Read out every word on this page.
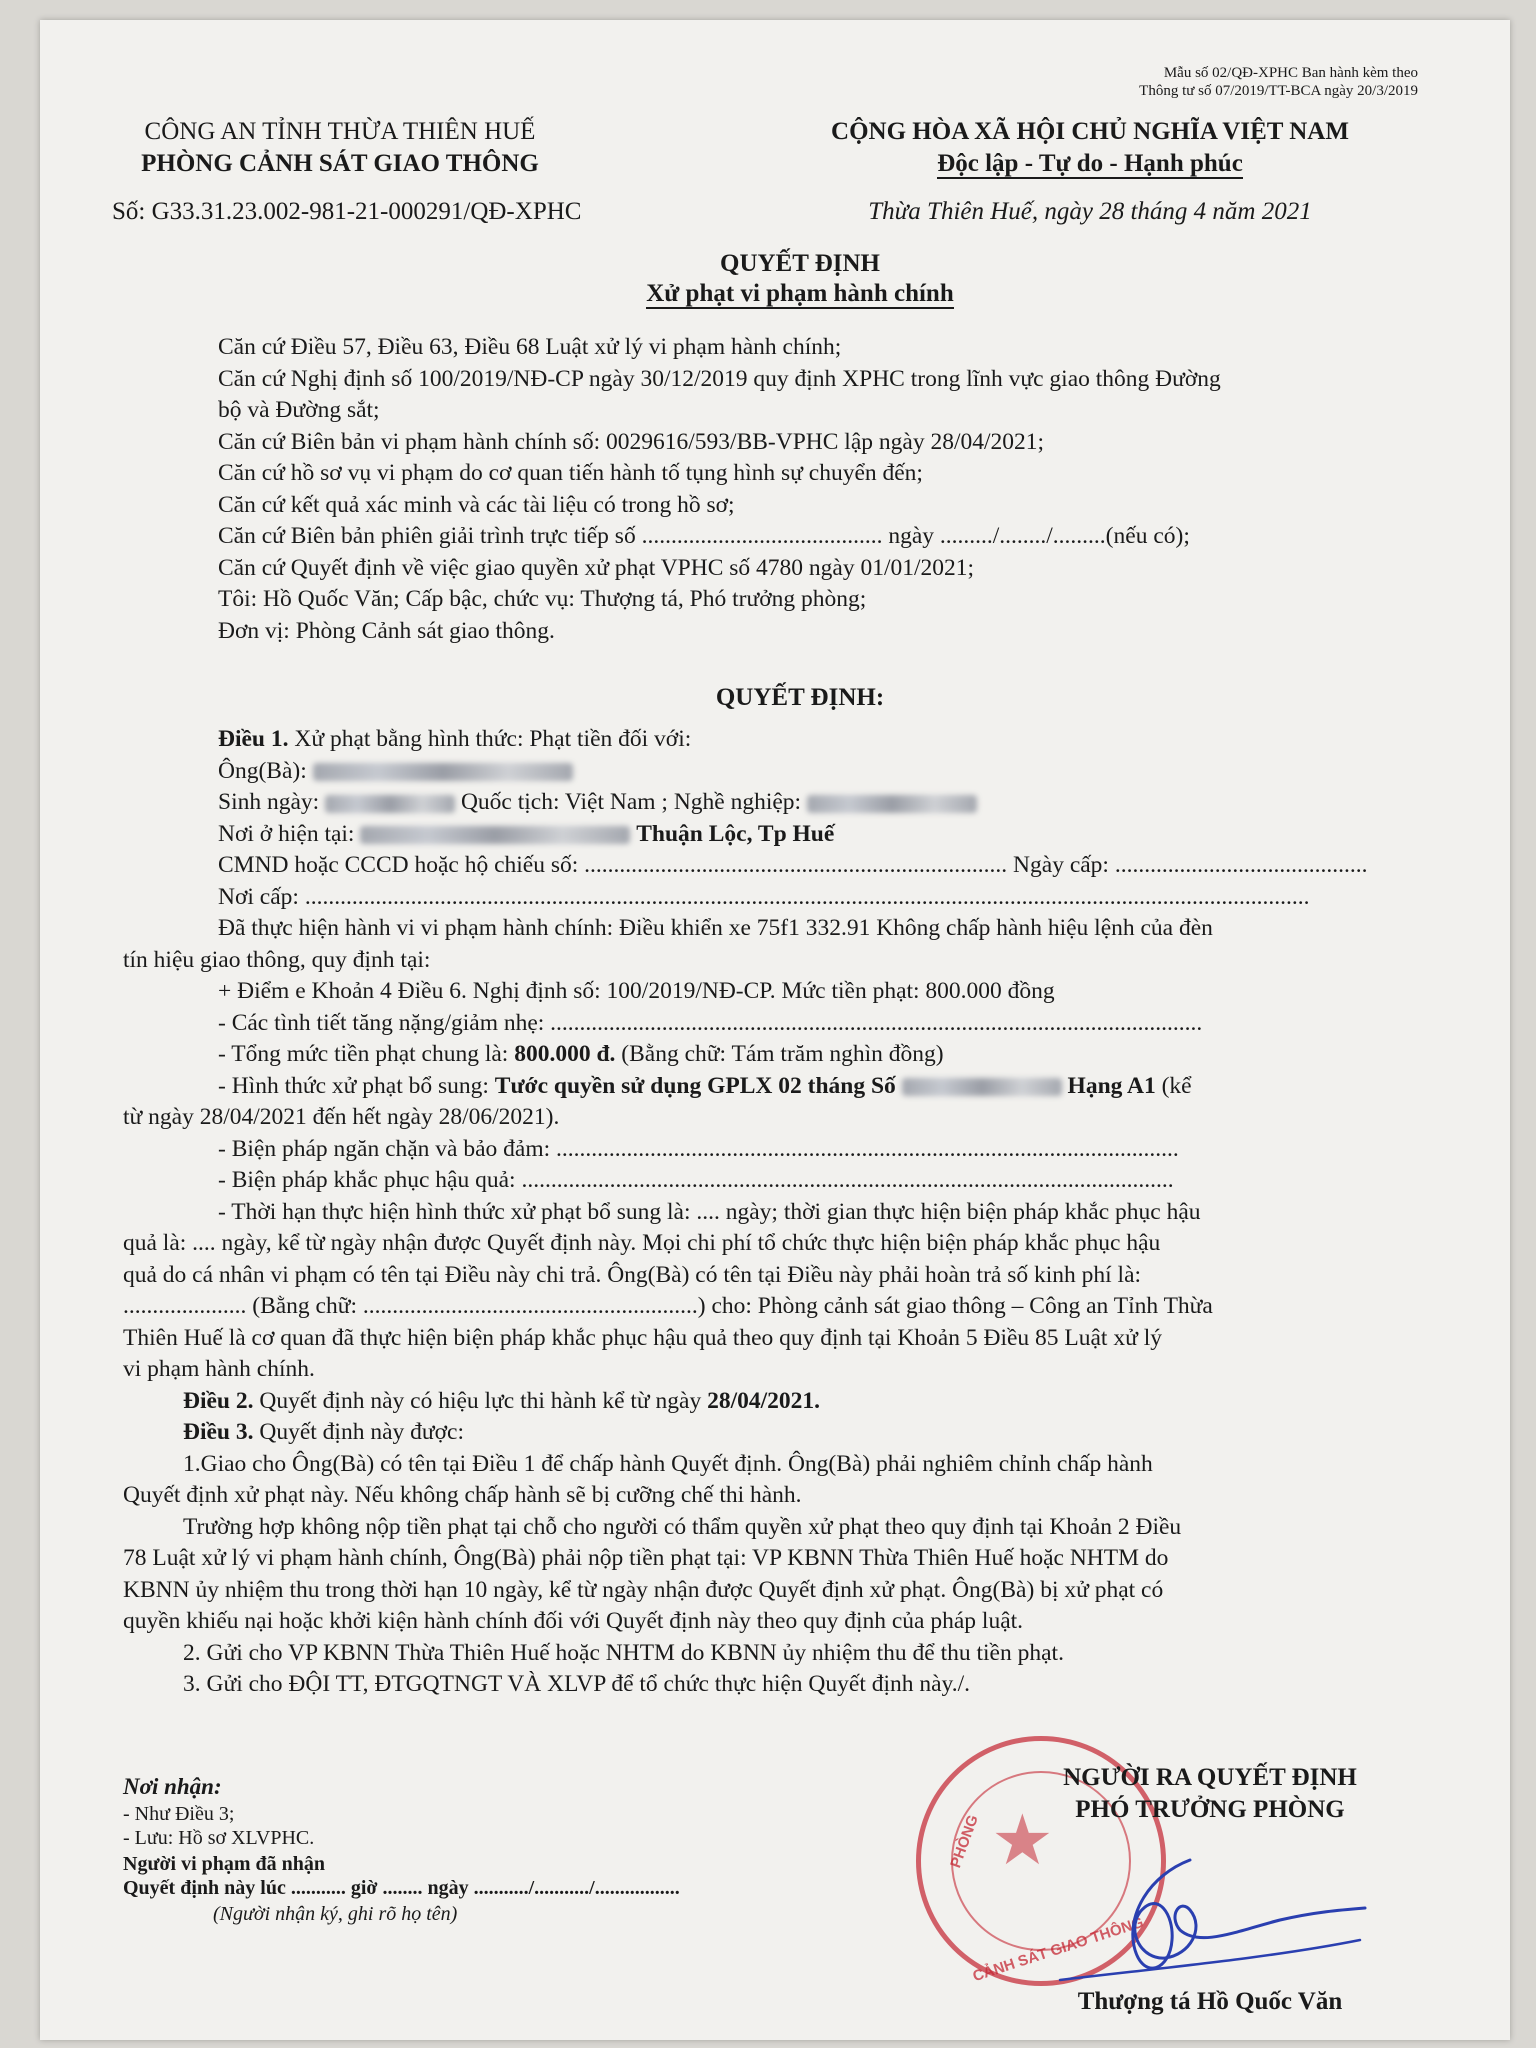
Mẫu số 02/QĐ-XPHC Ban hành kèm theo
Thông tư số 07/2019/TT-BCA ngày 20/3/2019
CÔNG AN TỈNH THỪA THIÊN HUẾ
PHÒNG CẢNH SÁT GIAO THÔNG
Số: G33.31.23.002-981-21-000291/QĐ-XPHC
CỘNG HÒA XÃ HỘI CHỦ NGHĨA VIỆT NAM
Độc lập - Tự do - Hạnh phúc
Thừa Thiên Huế, ngày 28 tháng 4 năm 2021
QUYẾT ĐỊNH
Xử phạt vi phạm hành chính
Căn cứ Điều 57, Điều 63, Điều 68 Luật xử lý vi phạm hành chính;
Căn cứ Nghị định số 100/2019/NĐ-CP ngày 30/12/2019 quy định XPHC trong lĩnh vực giao thông Đường
bộ và Đường sắt;
Căn cứ Biên bản vi phạm hành chính số: 0029616/593/BB-VPHC lập ngày 28/04/2021;
Căn cứ hồ sơ vụ vi phạm do cơ quan tiến hành tố tụng hình sự chuyển đến;
Căn cứ kết quả xác minh và các tài liệu có trong hồ sơ;
Căn cứ Biên bản phiên giải trình trực tiếp số ......................................... ngày ........./......../.........(nếu có);
Căn cứ Quyết định về việc giao quyền xử phạt VPHC số 4780 ngày 01/01/2021;
Tôi: Hồ Quốc Văn; Cấp bậc, chức vụ: Thượng tá, Phó trưởng phòng;
Đơn vị: Phòng Cảnh sát giao thông.
QUYẾT ĐỊNH:
Điều 1. Xử phạt bằng hình thức: Phạt tiền đối với:
Ông(Bà):
Sinh ngày:	Quốc tịch: Việt Nam ; Nghề nghiệp:
Nơi ở hiện tại:	Thuận Lộc, Tp Huế
CMND hoặc CCCD hoặc hộ chiếu số: ........................................................................ Ngày cấp: ...........................................
Nơi cấp: ...........................................................................................................................................................................
Đã thực hiện hành vi vi phạm hành chính: Điều khiển xe 75f1 332.91 Không chấp hành hiệu lệnh của đèn
tín hiệu giao thông, quy định tại:
+ Điểm e Khoản 4 Điều 6. Nghị định số: 100/2019/NĐ-CP. Mức tiền phạt: 800.000 đồng
- Các tình tiết tăng nặng/giảm nhẹ: ...............................................................................................................
- Tổng mức tiền phạt chung là: 800.000 đ. (Bằng chữ: Tám trăm nghìn đồng)
- Hình thức xử phạt bổ sung: Tước quyền sử dụng GPLX 02 tháng Số	Hạng A1 (kể
từ ngày 28/04/2021 đến hết ngày 28/06/2021).
- Biện pháp ngăn chặn và bảo đảm: ..........................................................................................................
- Biện pháp khắc phục hậu quả: ...............................................................................................................
- Thời hạn thực hiện hình thức xử phạt bổ sung là: .... ngày; thời gian thực hiện biện pháp khắc phục hậu
quả là: .... ngày, kể từ ngày nhận được Quyết định này. Mọi chi phí tổ chức thực hiện biện pháp khắc phục hậu
quả do cá nhân vi phạm có tên tại Điều này chi trả. Ông(Bà) có tên tại Điều này phải hoàn trả số kinh phí là:
..................... (Bằng chữ: .........................................................) cho: Phòng cảnh sát giao thông – Công an Tỉnh Thừa
Thiên Huế là cơ quan đã thực hiện biện pháp khắc phục hậu quả theo quy định tại Khoản 5 Điều 85 Luật xử lý
vi phạm hành chính.
Điều 2. Quyết định này có hiệu lực thi hành kể từ ngày 28/04/2021.
Điều 3. Quyết định này được:
1.Giao cho Ông(Bà) có tên tại Điều 1 để chấp hành Quyết định. Ông(Bà) phải nghiêm chỉnh chấp hành
Quyết định xử phạt này. Nếu không chấp hành sẽ bị cưỡng chế thi hành.
Trường hợp không nộp tiền phạt tại chỗ cho người có thẩm quyền xử phạt theo quy định tại Khoản 2 Điều
78 Luật xử lý vi phạm hành chính, Ông(Bà) phải nộp tiền phạt tại: VP KBNN Thừa Thiên Huế hoặc NHTM do
KBNN ủy nhiệm thu trong thời hạn 10 ngày, kể từ ngày nhận được Quyết định xử phạt. Ông(Bà) bị xử phạt có
quyền khiếu nại hoặc khởi kiện hành chính đối với Quyết định này theo quy định của pháp luật.
2. Gửi cho VP KBNN Thừa Thiên Huế hoặc NHTM do KBNN ủy nhiệm thu để thu tiền phạt.
3. Gửi cho ĐỘI TT, ĐTGQTNGT VÀ XLVP để tổ chức thực hiện Quyết định này./.
Nơi nhận:
- Như Điều 3;
- Lưu: Hồ sơ XLVPHC.
Người vi phạm đã nhận
Quyết định này lúc ........... giờ ........ ngày .........../.........../.................
(Người nhận ký, ghi rõ họ tên)
★
PHÒNG
CẢNH SÁT GIAO THÔNG
NGƯỜI RA QUYẾT ĐỊNH
PHÓ TRƯỞNG PHÒNG
Thượng tá Hồ Quốc Văn
